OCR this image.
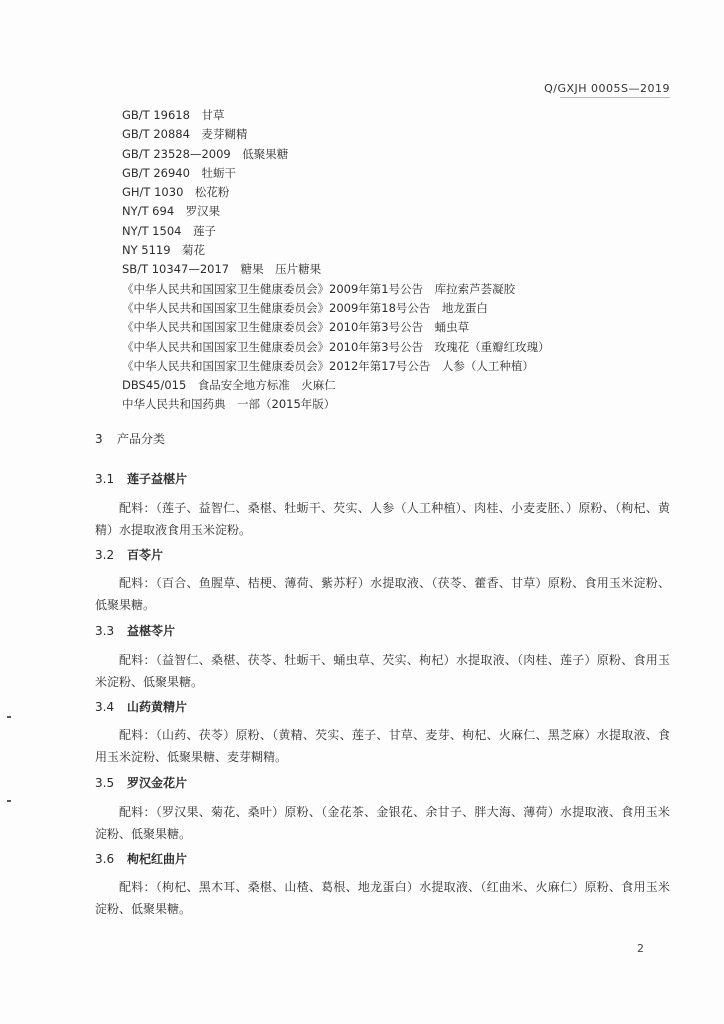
Q/GXJH 0005S—2019
GB/T 19618　甘草
GB/T 20884　麦芽糊精
GB/T 23528—2009　低聚果糖
GB/T 26940　牡蛎干
GH/T 1030　松花粉
NY/T 694　罗汉果
NY/T 1504　莲子
NY 5119　菊花
SB/T 10347—2017　糖果　压片糖果
《中华人民共和国国家卫生健康委员会》2009年第1号公告　库拉索芦荟凝胶
《中华人民共和国国家卫生健康委员会》2009年第18号公告　地龙蛋白
《中华人民共和国国家卫生健康委员会》2010年第3号公告　蛹虫草
《中华人民共和国国家卫生健康委员会》2010年第3号公告　玫瑰花（重瓣红玫瑰）
《中华人民共和国国家卫生健康委员会》2012年第17号公告　人参（人工种植）
DBS45/015　食品安全地方标准　火麻仁
中华人民共和国药典　一部（2015年版）
3 产品分类
3.1 莲子益椹片
配料：（莲子、益智仁、桑椹、牡蛎干、芡实、人参（人工种植）、肉桂、小麦麦胚、）原粉、（枸杞、黄精）水提取液食用玉米淀粉。
3.2 百苓片
配料：（百合、鱼腥草、桔梗、薄荷、紫苏籽）水提取液、（茯苓、藿香、甘草）原粉、食用玉米淀粉、低聚果糖。
3.3 益椹苓片
配料：（益智仁、桑椹、茯苓、牡蛎干、蛹虫草、芡实、枸杞）水提取液、（肉桂、莲子）原粉、食用玉米淀粉、低聚果糖。
3.4 山药黄精片
配料：（山药、茯苓）原粉、（黄精、芡实、莲子、甘草、麦芽、枸杞、火麻仁、黑芝麻）水提取液、食用玉米淀粉、低聚果糖、麦芽糊精。
3.5 罗汉金花片
配料：（罗汉果、菊花、桑叶）原粉、（金花茶、金银花、余甘子、胖大海、薄荷）水提取液、食用玉米淀粉、低聚果糖。
3.6 枸杞红曲片
配料：（枸杞、黑木耳、桑椹、山楂、葛根、地龙蛋白）水提取液、（红曲米、火麻仁）原粉、食用玉米淀粉、低聚果糖。
2
